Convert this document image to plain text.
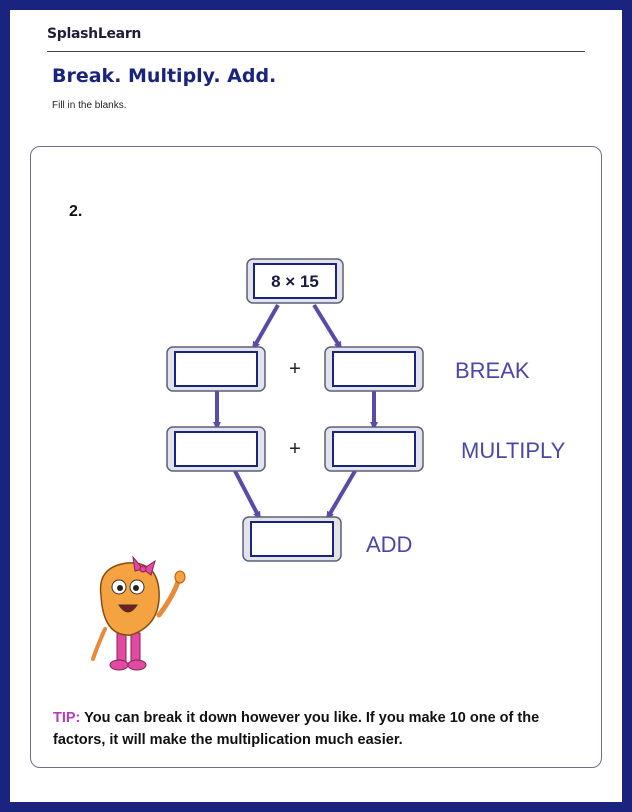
SplashLearn
Break. Multiply. Add.
Fill in the blanks.
2.
8 × 15
+	BREAK
+	MULTIPLY
ADD
TIP: You can break it down however you like. If you make 10 one of the factors, it will make the multiplication much easier.
